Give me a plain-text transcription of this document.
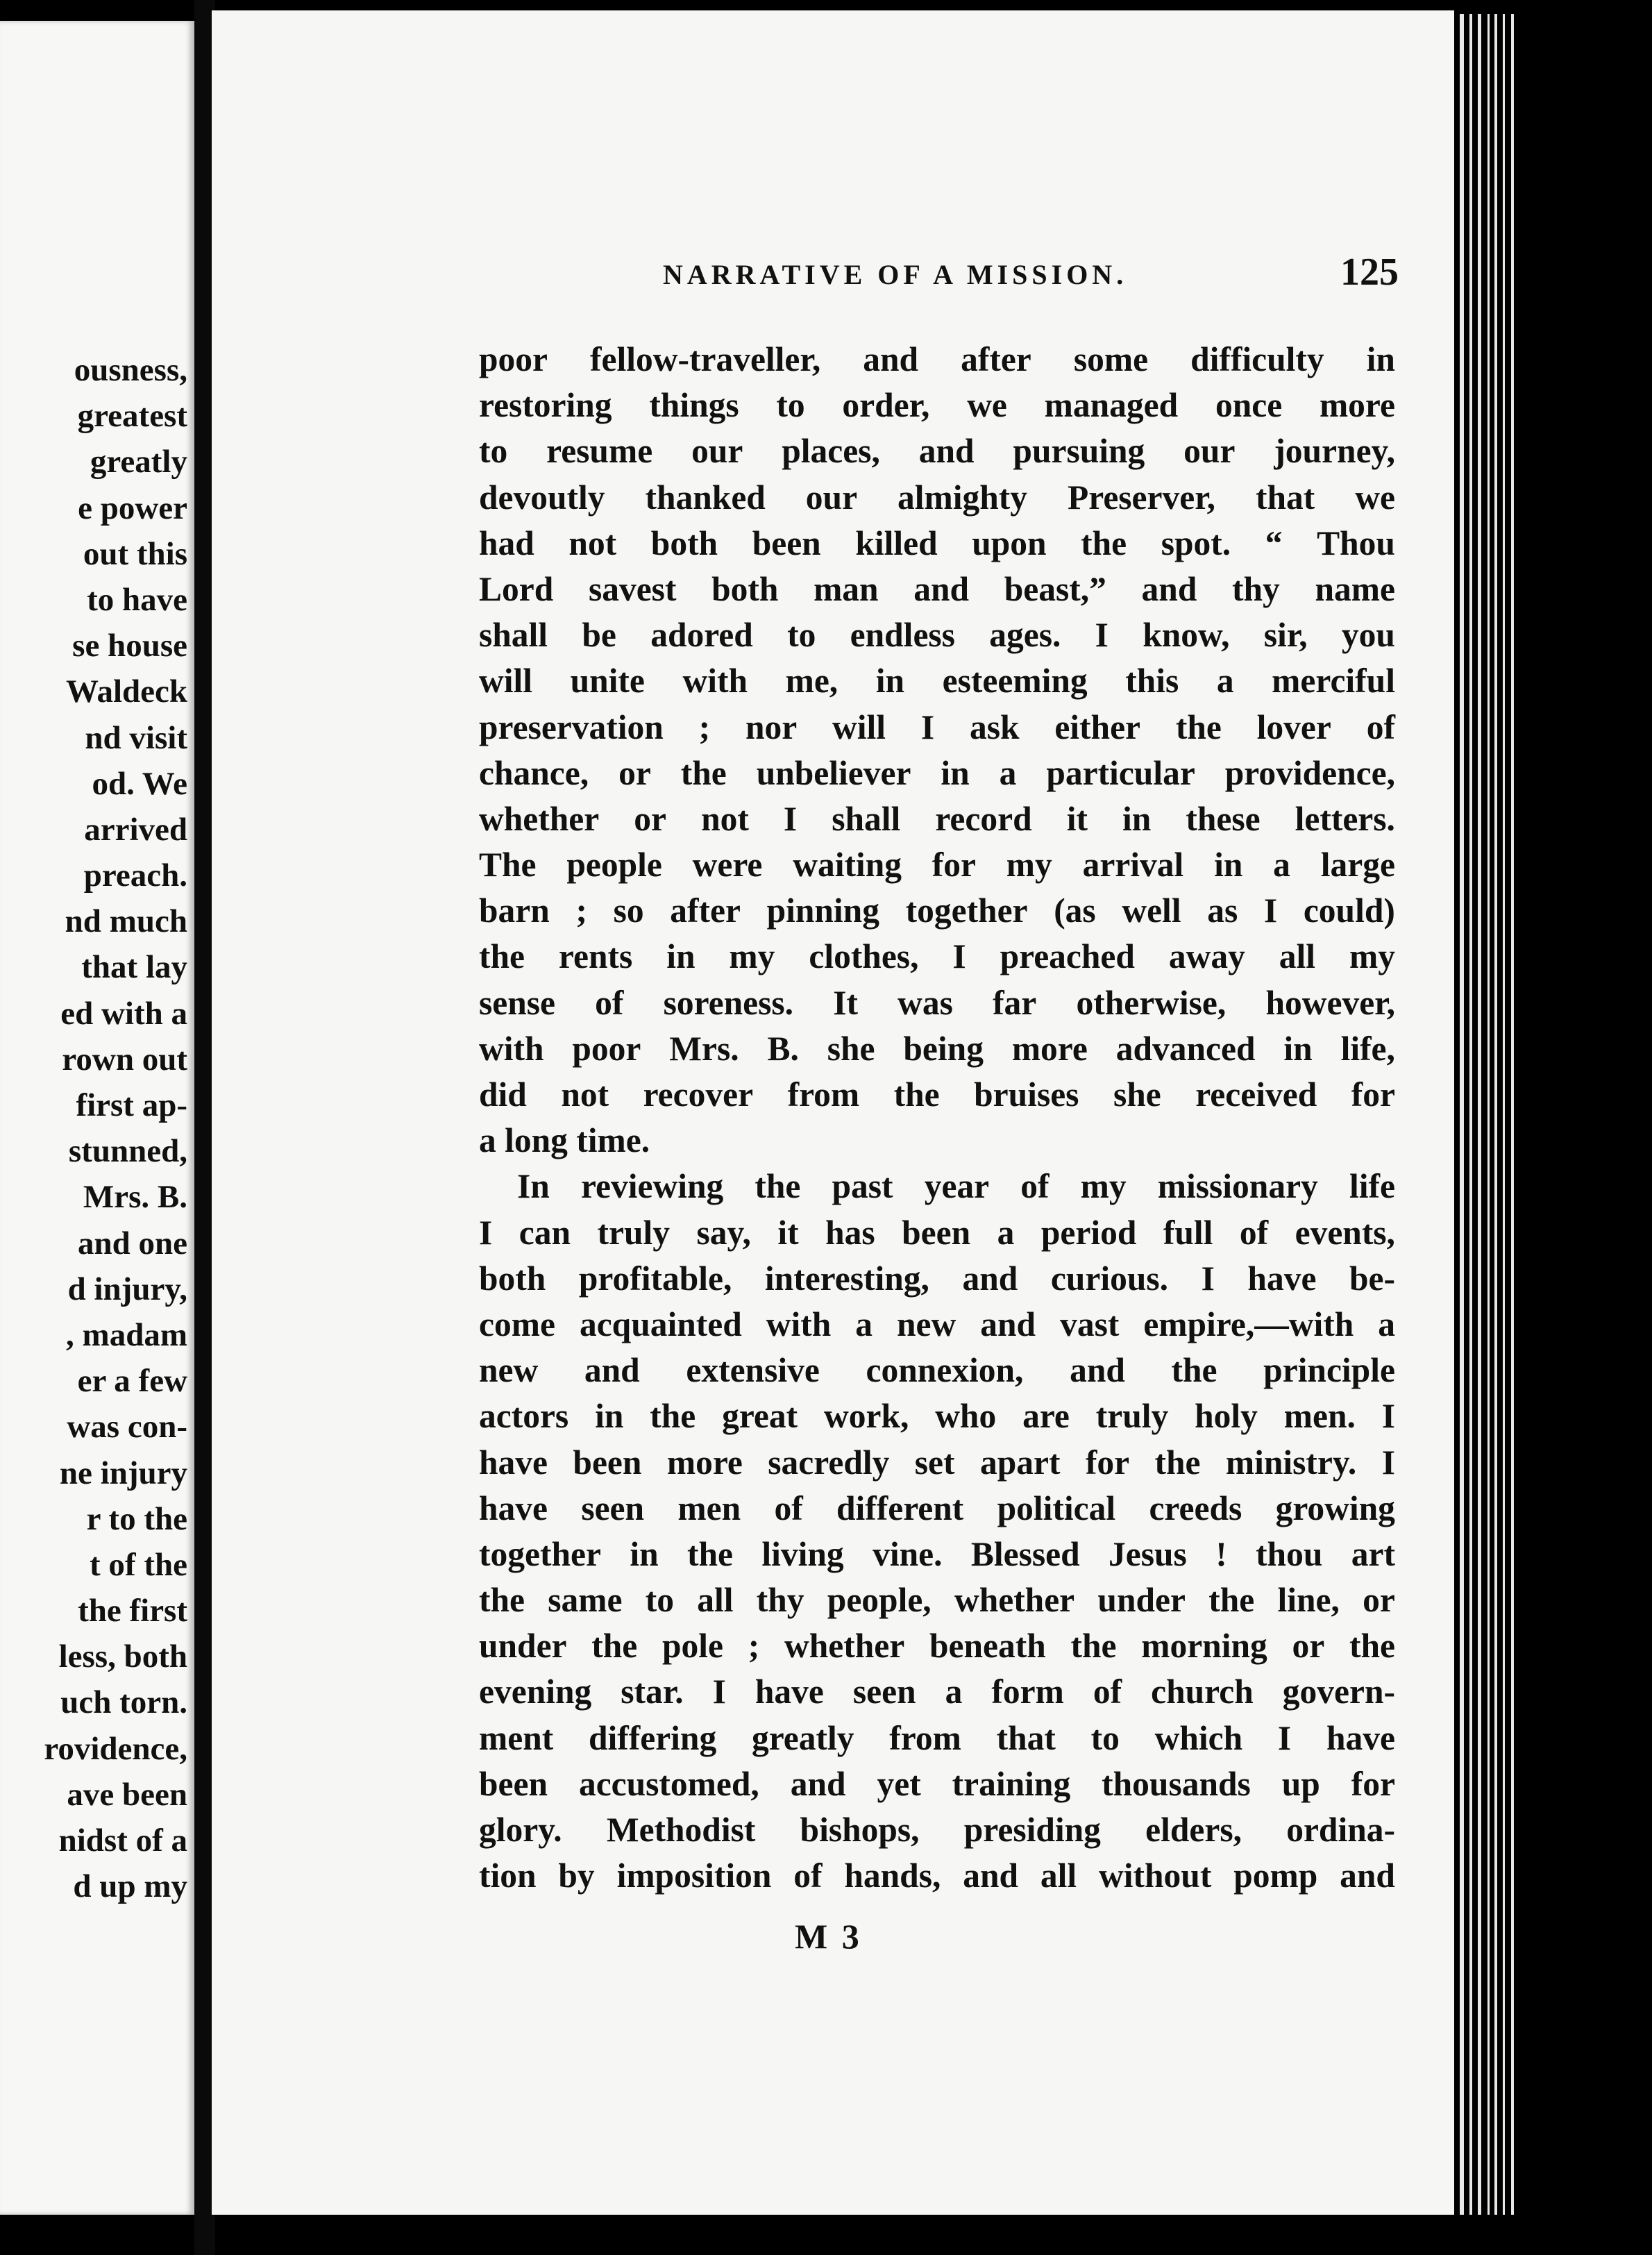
ousness,
greatest
greatly
e power
out this
to have
se house
Waldeck
nd visit
od. We
arrived
preach.
nd much
that lay
ed with a
rown out
first ap-
stunned,
Mrs. B.
and one
d injury,
, madam
er a few
was con-
ne injury
r to the
t of the
the first
less, both
uch torn.
rovidence,
ave been
nidst of a
d up my
NARRATIVE OF A MISSION.	125
poor fellow-traveller, and after some difficulty in
restoring things to order, we managed once more
to resume our places, and pursuing our journey,
devoutly thanked our almighty Preserver, that we
had not both been killed upon the spot. “ Thou
Lord savest both man and beast,” and thy name
shall be adored to endless ages. I know, sir, you
will unite with me, in esteeming this a merciful
preservation ; nor will I ask either the lover of
chance, or the unbeliever in a particular providence,
whether or not I shall record it in these letters.
The people were waiting for my arrival in a large
barn ; so after pinning together (as well as I could)
the rents in my clothes, I preached away all my
sense of soreness. It was far otherwise, however,
with poor Mrs. B. she being more advanced in life,
did not recover from the bruises she received for
a long time.
In reviewing the past year of my missionary life
I can truly say, it has been a period full of events,
both profitable, interesting, and curious. I have be-
come acquainted with a new and vast empire,—with a
new and extensive connexion, and the principle
actors in the great work, who are truly holy men. I
have been more sacredly set apart for the ministry. I
have seen men of different political creeds growing
together in the living vine. Blessed Jesus ! thou art
the same to all thy people, whether under the line, or
under the pole ; whether beneath the morning or the
evening star. I have seen a form of church govern-
ment differing greatly from that to which I have
been accustomed, and yet training thousands up for
glory. Methodist bishops, presiding elders, ordina-
tion by imposition of hands, and all without pomp and
M 3
